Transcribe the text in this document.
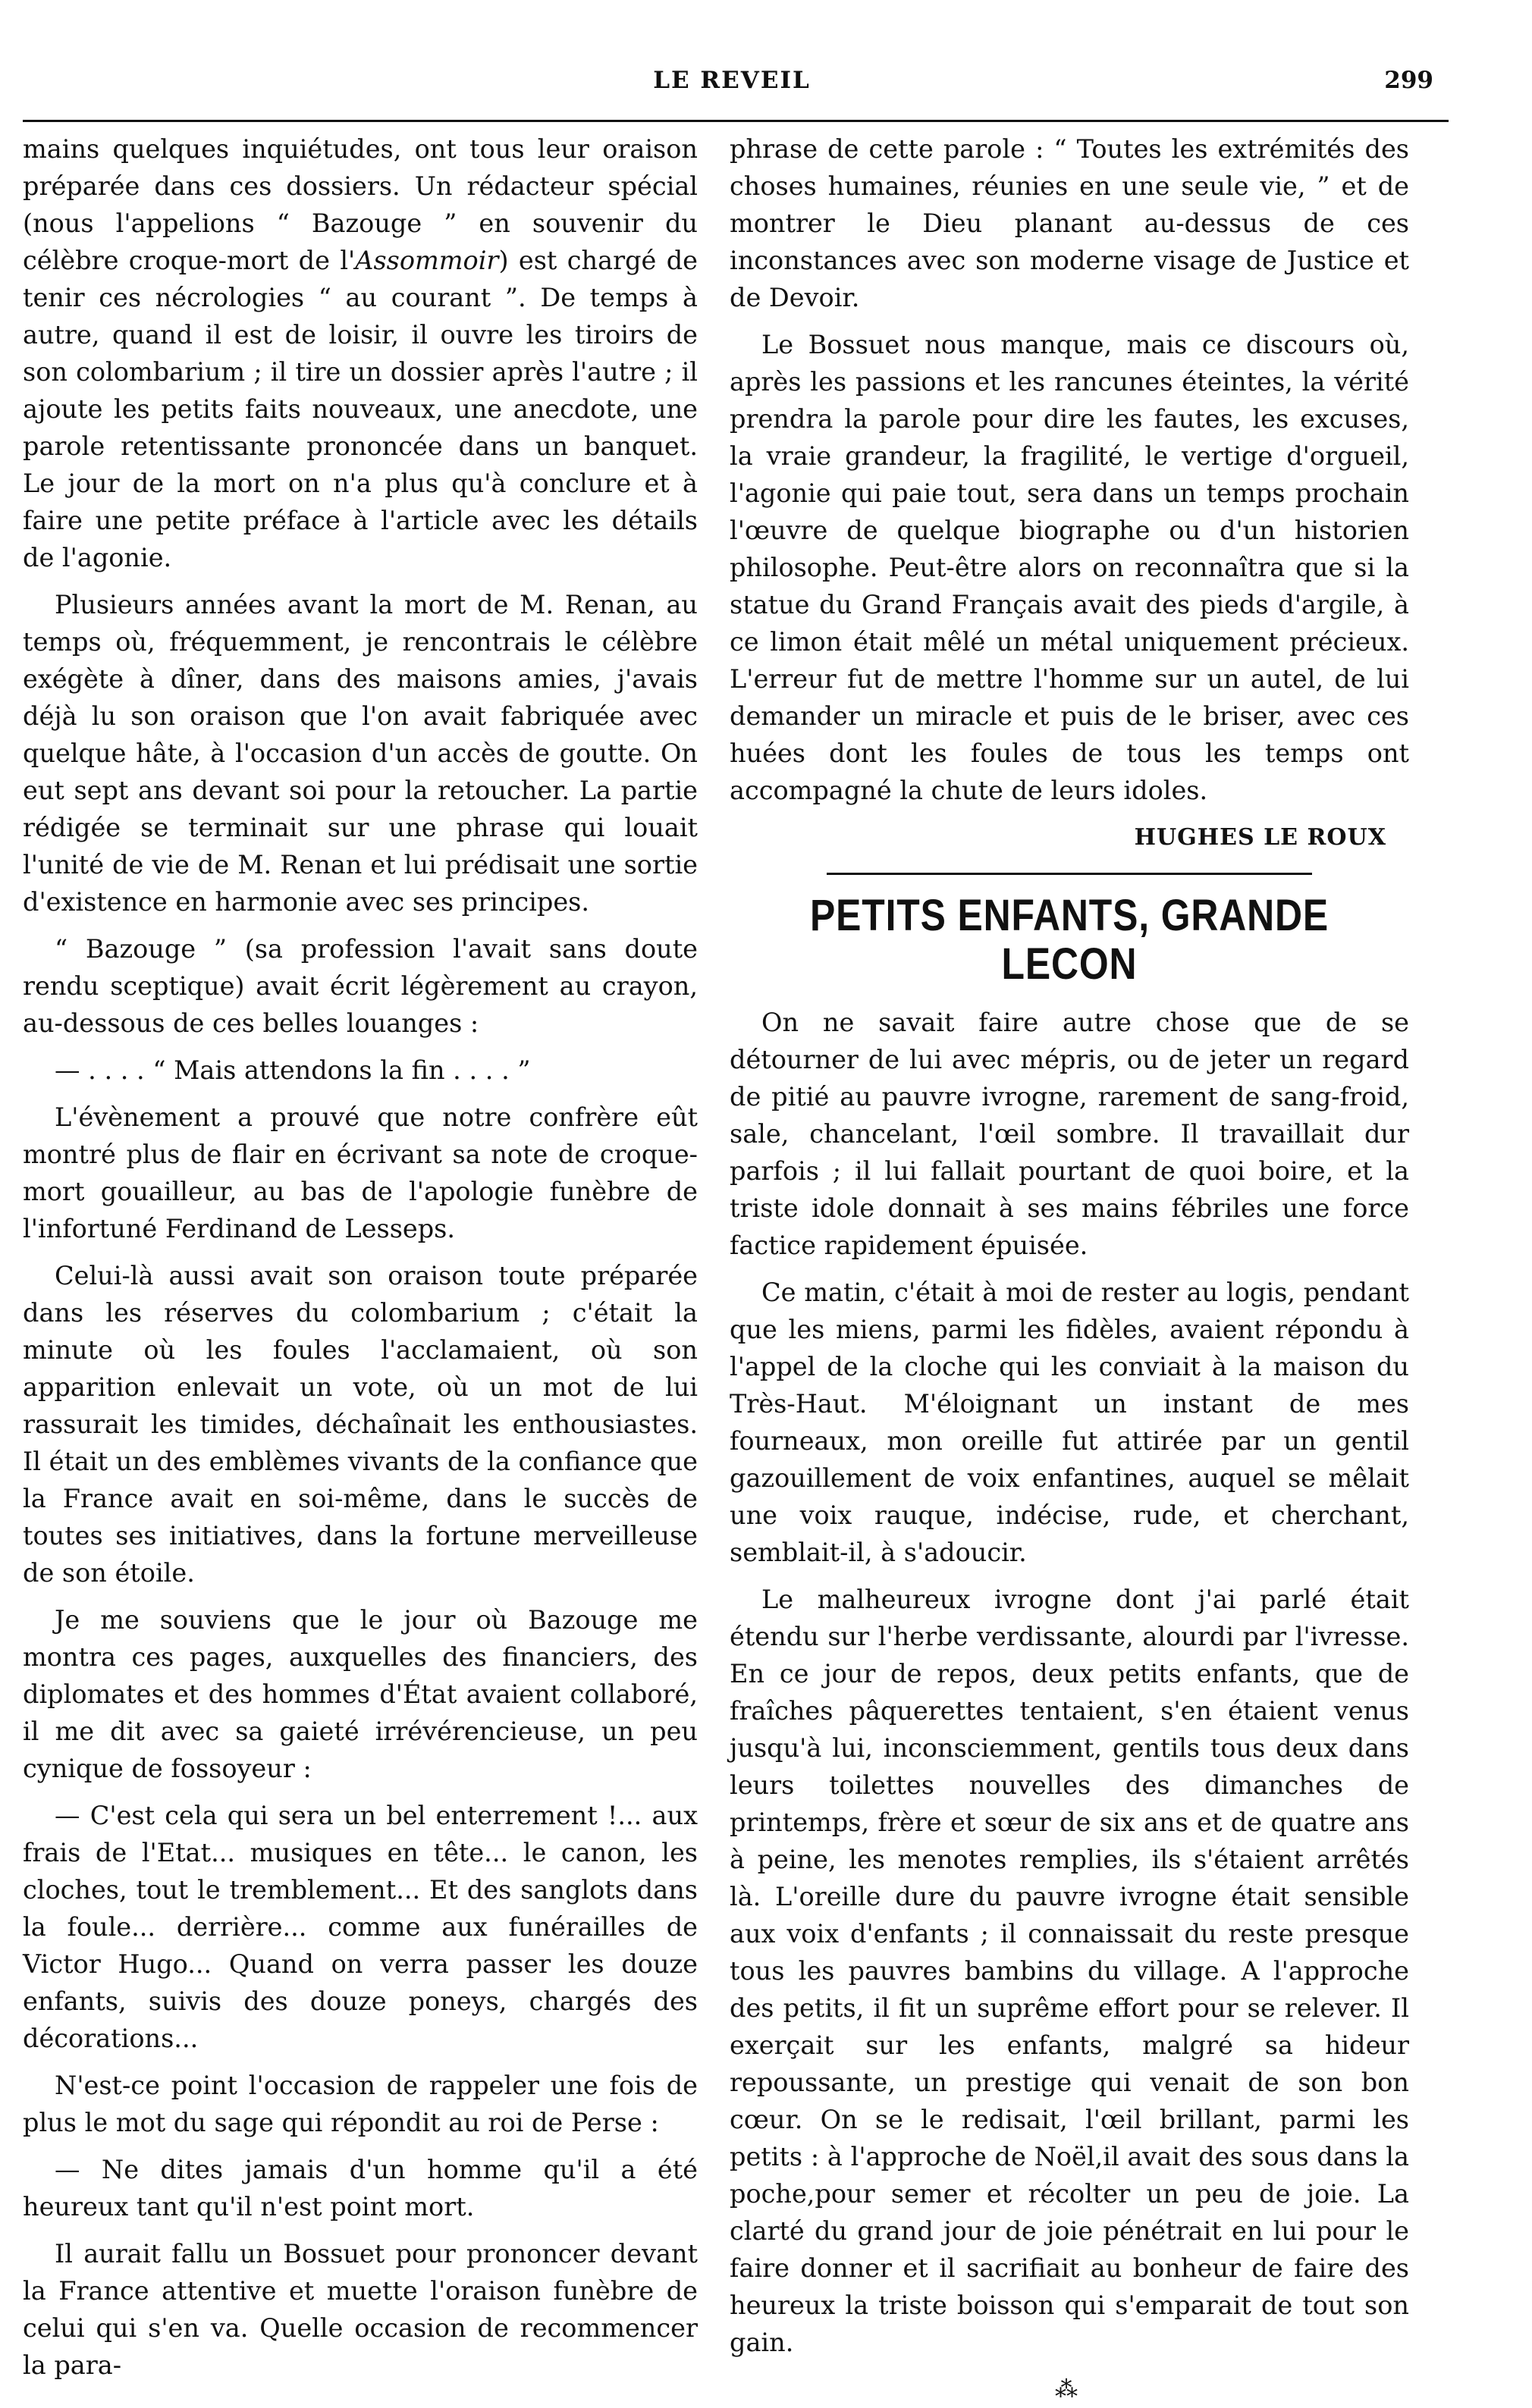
LE REVEIL	299

mains quelques inquiétudes, ont tous leur oraison préparée dans ces dossiers. Un rédacteur spécial (nous l'appelions “ Bazouge ” en souvenir du célèbre croque-mort de l'Assommoir) est chargé de tenir ces nécrologies “ au courant ”. De temps à autre, quand il est de loisir, il ouvre les tiroirs de son colombarium ; il tire un dossier après l'autre ; il ajoute les petits faits nouveaux, une anecdote, une parole retentissante prononcée dans un banquet. Le jour de la mort on n'a plus qu'à conclure et à faire une petite préface à l'article avec les détails de l'agonie.

Plusieurs années avant la mort de M. Renan, au temps où, fréquemment, je rencontrais le célèbre exégète à dîner, dans des maisons amies, j'avais déjà lu son oraison que l'on avait fabriquée avec quelque hâte, à l'occasion d'un accès de goutte. On eut sept ans devant soi pour la retoucher. La partie rédigée se terminait sur une phrase qui louait l'unité de vie de M. Renan et lui prédisait une sortie d'existence en harmonie avec ses principes.

“ Bazouge ” (sa profession l'avait sans doute rendu sceptique) avait écrit légèrement au crayon, au-dessous de ces belles louanges :

— . . . . “ Mais attendons la fin . . . . ”

L'évènement a prouvé que notre confrère eût montré plus de flair en écrivant sa note de croque-mort gouailleur, au bas de l'apologie funèbre de l'infortuné Ferdinand de Lesseps.

Celui-là aussi avait son oraison toute préparée dans les réserves du colombarium ; c'était la minute où les foules l'acclamaient, où son apparition enlevait un vote, où un mot de lui rassurait les timides, déchaînait les enthousiastes. Il était un des emblèmes vivants de la confiance que la France avait en soi-même, dans le succès de toutes ses initiatives, dans la fortune merveilleuse de son étoile.

Je me souviens que le jour où Bazouge me montra ces pages, auxquelles des financiers, des diplomates et des hommes d'État avaient collaboré, il me dit avec sa gaieté irrévérencieuse, un peu cynique de fossoyeur :

— C'est cela qui sera un bel enterrement !... aux frais de l'Etat... musiques en tête... le canon, les cloches, tout le tremblement... Et des sanglots dans la foule... derrière... comme aux funérailles de Victor Hugo... Quand on verra passer les douze enfants, suivis des douze poneys, chargés des décorations...

N'est-ce point l'occasion de rappeler une fois de plus le mot du sage qui répondit au roi de Perse :

— Ne dites jamais d'un homme qu'il a été heureux tant qu'il n'est point mort.

Il aurait fallu un Bossuet pour prononcer devant la France attentive et muette l'oraison funèbre de celui qui s'en va. Quelle occasion de recommencer la para-

phrase de cette parole : “ Toutes les extrémités des choses humaines, réunies en une seule vie, ” et de montrer le Dieu planant au-dessus de ces inconstances avec son moderne visage de Justice et de Devoir.

Le Bossuet nous manque, mais ce discours où, après les passions et les rancunes éteintes, la vérité prendra la parole pour dire les fautes, les excuses, la vraie grandeur, la fragilité, le vertige d'orgueil, l'agonie qui paie tout, sera dans un temps prochain l'œuvre de quelque biographe ou d'un historien philosophe. Peut-être alors on reconnaîtra que si la statue du Grand Français avait des pieds d'argile, à ce limon était mêlé un métal uniquement précieux. L'erreur fut de mettre l'homme sur un autel, de lui demander un miracle et puis de le briser, avec ces huées dont les foules de tous les temps ont accompagné la chute de leurs idoles.

HUGHES LE ROUX
PETITS ENFANTS, GRANDE LECON

On ne savait faire autre chose que de se détourner de lui avec mépris, ou de jeter un regard de pitié au pauvre ivrogne, rarement de sang-froid, sale, chancelant, l'œil sombre. Il travaillait dur parfois ; il lui fallait pourtant de quoi boire, et la triste idole donnait à ses mains fébriles une force factice rapidement épuisée.

Ce matin, c'était à moi de rester au logis, pendant que les miens, parmi les fidèles, avaient répondu à l'appel de la cloche qui les conviait à la maison du Très-Haut. M'éloignant un instant de mes fourneaux, mon oreille fut attirée par un gentil gazouillement de voix enfantines, auquel se mêlait une voix rauque, indécise, rude, et cherchant, semblait-il, à s'adoucir.

Le malheureux ivrogne dont j'ai parlé était étendu sur l'herbe verdissante, alourdi par l'ivresse. En ce jour de repos, deux petits enfants, que de fraîches pâquerettes tentaient, s'en étaient venus jusqu'à lui, inconsciemment, gentils tous deux dans leurs toilettes nouvelles des dimanches de printemps, frère et sœur de six ans et de quatre ans à peine, les menotes remplies, ils s'étaient arrêtés là. L'oreille dure du pauvre ivrogne était sensible aux voix d'enfants ; il connaissait du reste presque tous les pauvres bambins du village. A l'approche des petits, il fit un suprême effort pour se relever. Il exerçait sur les enfants, malgré sa hideur repoussante, un prestige qui venait de son bon cœur. On se le redisait, l'œil brillant, parmi les petits : à l'approche de Noël,il avait des sous dans la poche,pour semer et récolter un peu de joie. La clarté du grand jour de joie pénétrait en lui pour le faire donner et il sacrifiait au bonheur de faire des heureux la triste boisson qui s'emparait de tout son gain.

⁂
